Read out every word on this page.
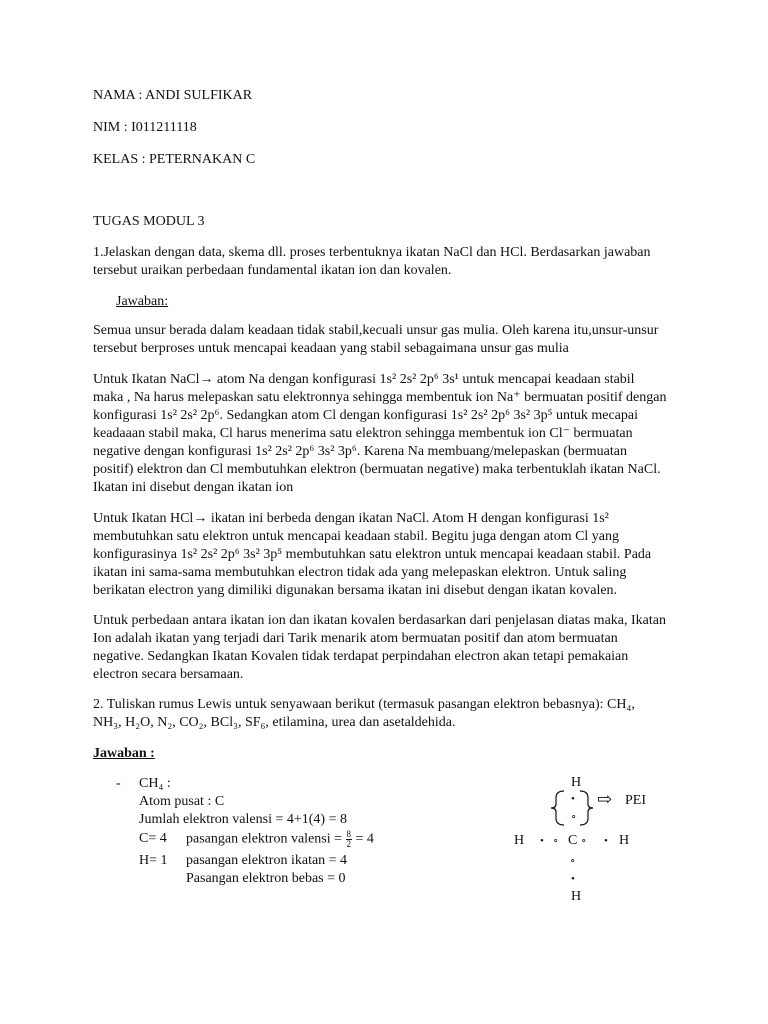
NAMA : ANDI SULFIKAR
NIM : I011211118
KELAS : PETERNAKAN C
TUGAS MODUL 3

1.Jelaskan dengan data, skema dll. proses terbentuknya ikatan NaCl dan HCl. Berdasarkan jawaban

tersebut uraikan perbedaan fundamental ikatan ion dan kovalen.

Jawaban:

Semua unsur berada dalam keadaan tidak stabil,kecuali unsur gas mulia. Oleh karena itu,unsur-unsur

tersebut berproses untuk mencapai keadaan yang stabil sebagaimana unsur gas mulia

Untuk Ikatan NaCl→ atom Na dengan konfigurasi 1s² 2s² 2p⁶ 3s¹ untuk mencapai keadaan stabil

maka , Na harus melepaskan satu elektronnya sehingga membentuk ion Na⁺ bermuatan positif dengan

konfigurasi 1s² 2s² 2p⁶. Sedangkan atom Cl dengan konfigurasi 1s² 2s² 2p⁶ 3s² 3p⁵ untuk mecapai

keadaaan stabil maka, Cl harus menerima satu elektron sehingga membentuk ion Cl⁻ bermuatan

negative dengan konfigurasi 1s² 2s² 2p⁶ 3s² 3p⁶. Karena Na membuang/melepaskan (bermuatan

positif) elektron dan Cl membutuhkan elektron (bermuatan negative) maka terbentuklah ikatan NaCl.

Ikatan ini disebut dengan ikatan ion

Untuk Ikatan HCl→ ikatan ini berbeda dengan ikatan NaCl. Atom H dengan konfigurasi 1s²

membutuhkan satu elektron untuk mencapai keadaan stabil. Begitu juga dengan atom Cl yang

konfigurasinya 1s² 2s² 2p⁶ 3s² 3p⁵ membutuhkan satu elektron untuk mencapai keadaan stabil. Pada

ikatan ini sama-sama membutuhkan electron tidak ada yang melepaskan elektron. Untuk saling

berikatan electron yang dimiliki digunakan bersama ikatan ini disebut dengan ikatan kovalen.

Untuk perbedaan antara ikatan ion dan ikatan kovalen berdasarkan dari penjelasan diatas maka, Ikatan

Ion adalah ikatan yang terjadi dari Tarik menarik atom bermuatan positif dan atom bermuatan

negative. Sedangkan Ikatan Kovalen tidak terdapat perpindahan electron akan tetapi pemakaian

electron secara bersamaan.

2. Tuliskan rumus Lewis untuk senyawaan berikut (termasuk pasangan elektron bebasnya): CH₄,

NH₃, H₂O, N₂, CO₂, BCl₃, SF₆, etilamina, urea dan asetaldehida.

Jawaban :
- CH₄ :
Atom pusat : C
Jumlah elektron valensi = 4+1(4) = 8
C= 4 pasangan elektron valensi = $\frac{8}{2} = 4$
H= 1 pasangan elektron ikatan = 4
Pasangan elektron bebas = 0
H
•
∘
⇨ PEI
H • ∘ C ∘ • H
∘
•
H
